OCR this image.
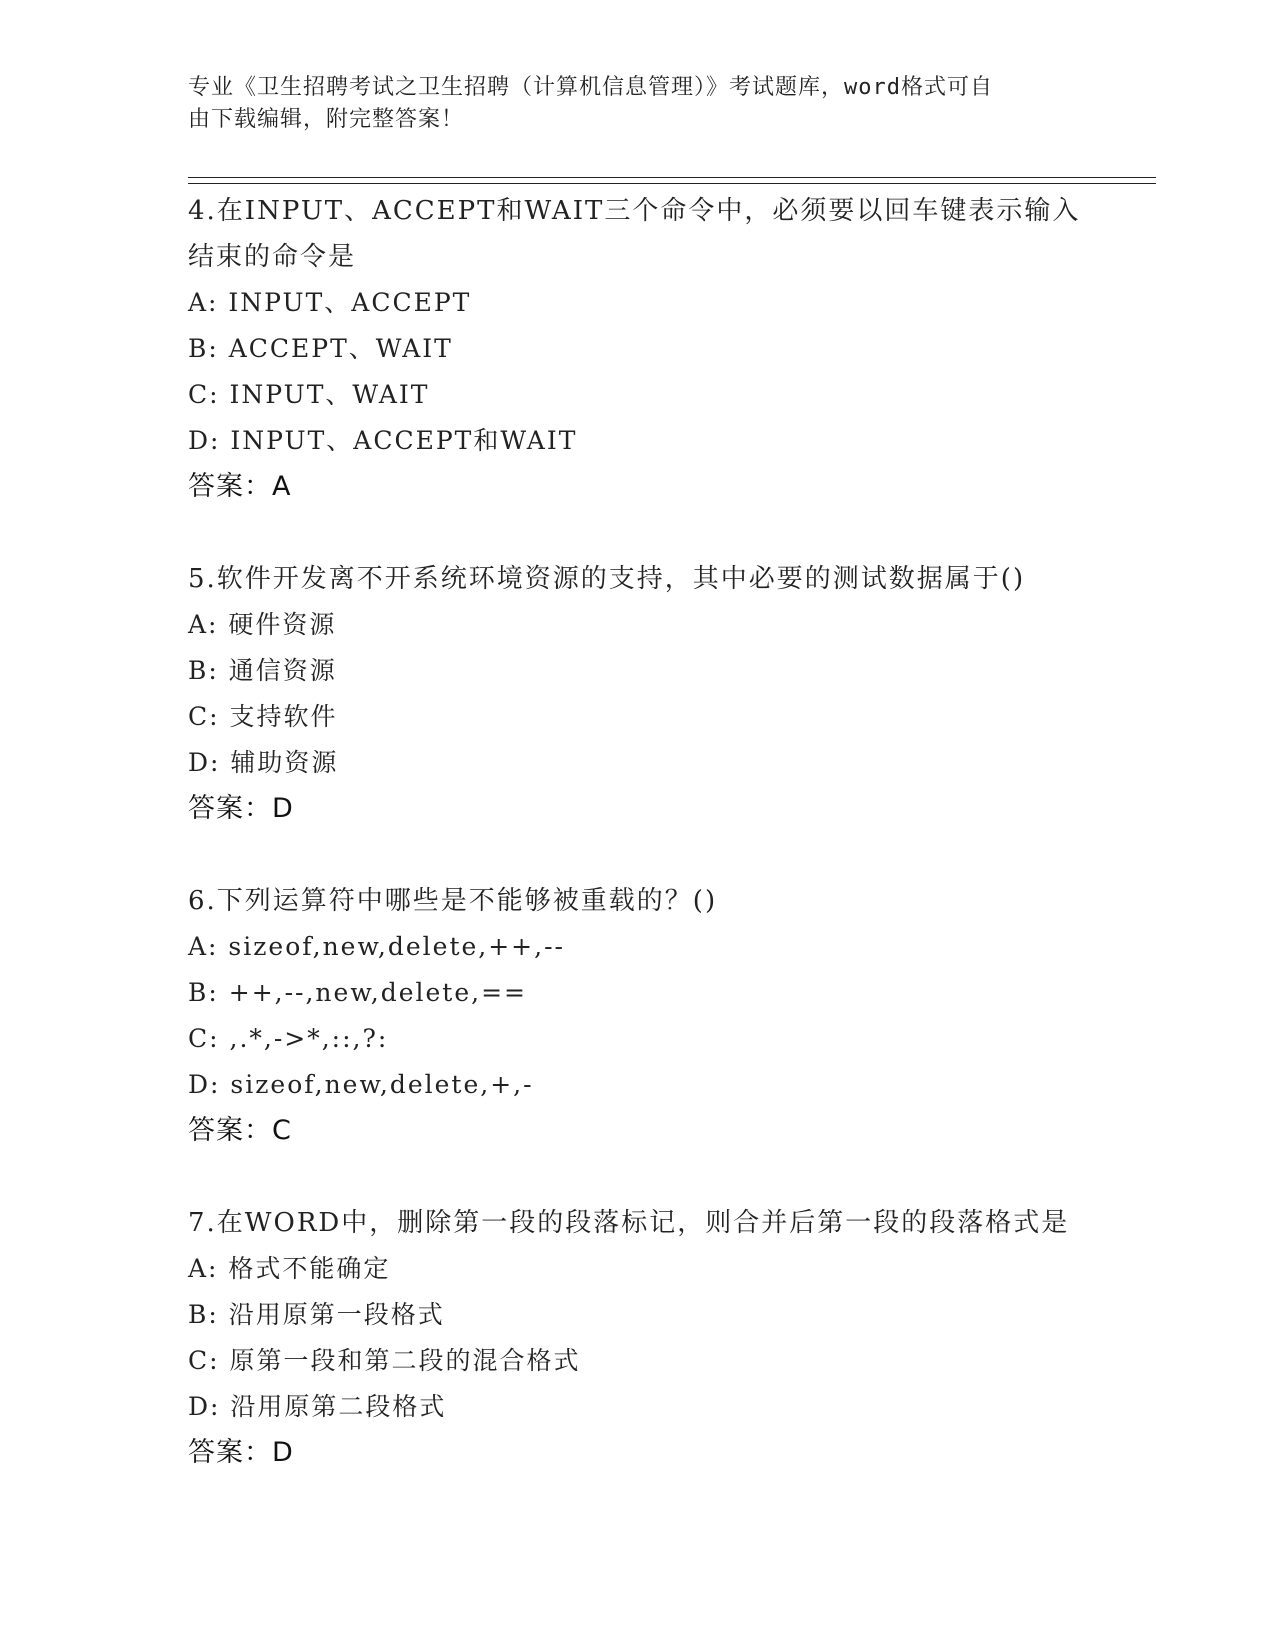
专业《卫生招聘考试之卫生招聘（计算机信息管理）》考试题库，word格式可自
由下载编辑，附完整答案！

4.在INPUT、ACCEPT和WAIT三个命令中，必须要以回车键表示输入结束的命令是

A: INPUT、ACCEPT

B: ACCEPT、WAIT

C: INPUT、WAIT

D: INPUT、ACCEPT和WAIT

答案：A

5.软件开发离不开系统环境资源的支持，其中必要的测试数据属于()

A: 硬件资源

B: 通信资源

C: 支持软件

D: 辅助资源

答案：D

6.下列运算符中哪些是不能够被重载的？()

A: sizeof,new,delete,++,--

B: ++,--,new,delete,==

C: ,.*,->*,::,?:

D: sizeof,new,delete,+,-

答案：C

7.在WORD中，删除第一段的段落标记，则合并后第一段的段落格式是

A: 格式不能确定

B: 沿用原第一段格式

C: 原第一段和第二段的混合格式

D: 沿用原第二段格式

答案：D
